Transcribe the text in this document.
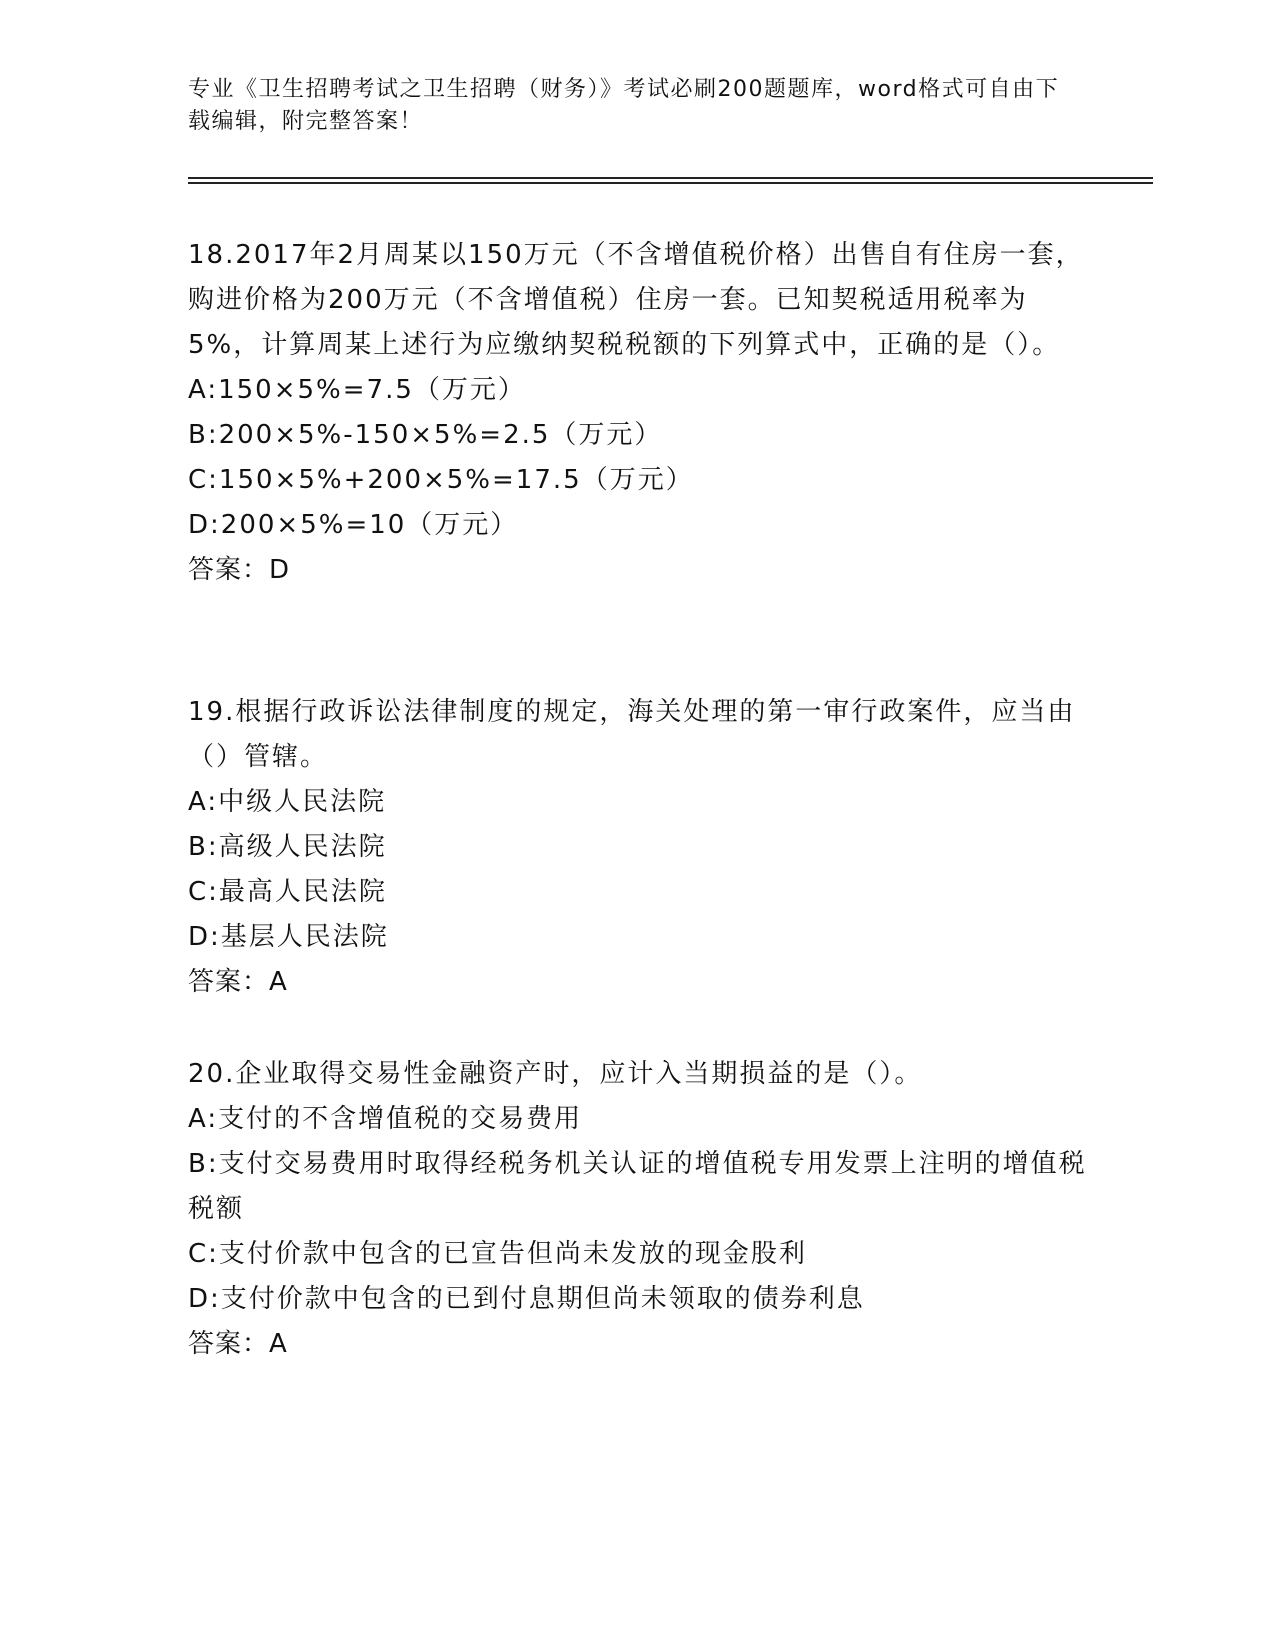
专业《卫生招聘考试之卫生招聘（财务）》考试必刷200题题库，word格式可自由下载编辑，附完整答案！

18.2017年2月周某以150万元（不含增值税价格）出售自有住房一套，购进价格为200万元（不含增值税）住房一套。已知契税适用税率为5%，计算周某上述行为应缴纳契税税额的下列算式中，正确的是（）。

A:150×5%=7.5（万元）

B:200×5%-150×5%=2.5（万元）

C:150×5%+200×5%=17.5（万元）

D:200×5%=10（万元）

答案：D

19.根据行政诉讼法律制度的规定，海关处理的第一审行政案件，应当由（）管辖。

A:中级人民法院

B:高级人民法院

C:最高人民法院

D:基层人民法院

答案：A

20.企业取得交易性金融资产时，应计入当期损益的是（）。

A:支付的不含增值税的交易费用

B:支付交易费用时取得经税务机关认证的增值税专用发票上注明的增值税税额

C:支付价款中包含的已宣告但尚未发放的现金股利

D:支付价款中包含的已到付息期但尚未领取的债券利息

答案：A
